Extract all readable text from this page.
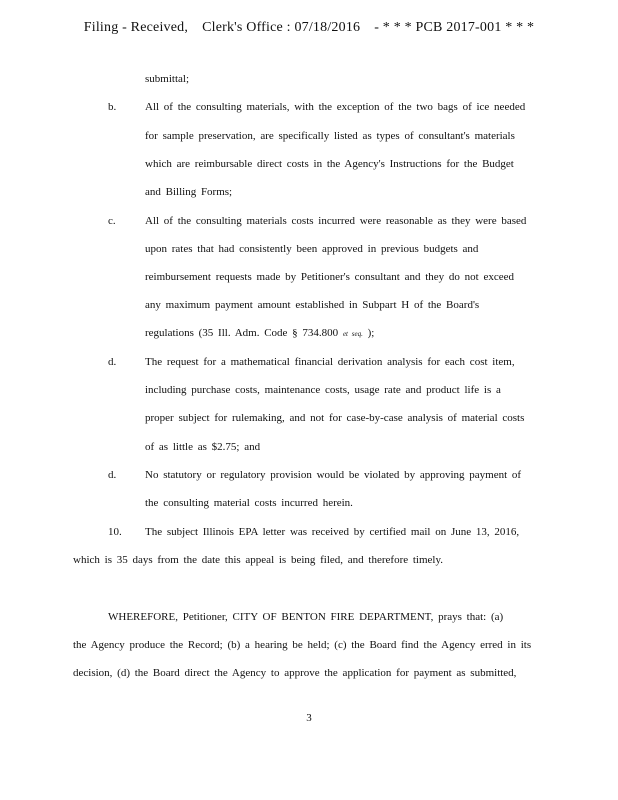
Filing - Received, Clerk's Office : 07/18/2016 - * * * PCB 2017-001 * * *
submittal;
b.	All of the consulting materials, with the exception of the two bags of ice needed
for sample preservation, are specifically listed as types of consultant's materials
which are reimbursable direct costs in the Agency's Instructions for the Budget
and Billing Forms;
c.	All of the consulting materials costs incurred were reasonable as they were based
upon rates that had consistently been approved in previous budgets and
reimbursement requests made by Petitioner's consultant and they do not exceed
any maximum payment amount established in Subpart H of the Board's
regulations (35 Ill. Adm. Code § 734.800 et seq. );
d.	The request for a mathematical financial derivation analysis for each cost item,
including purchase costs, maintenance costs, usage rate and product life is a
proper subject for rulemaking, and not for case-by-case analysis of material costs
of as little as $2.75; and
d.	No statutory or regulatory provision would be violated by approving payment of
the consulting material costs incurred herein.
10. The subject Illinois EPA letter was received by certified mail on June 13, 2016,
which is 35 days from the date this appeal is being filed, and therefore timely.
WHEREFORE, Petitioner, CITY OF BENTON FIRE DEPARTMENT, prays that: (a)
the Agency produce the Record; (b) a hearing be held; (c) the Board find the Agency erred in its
decision, (d) the Board direct the Agency to approve the application for payment as submitted,
3
